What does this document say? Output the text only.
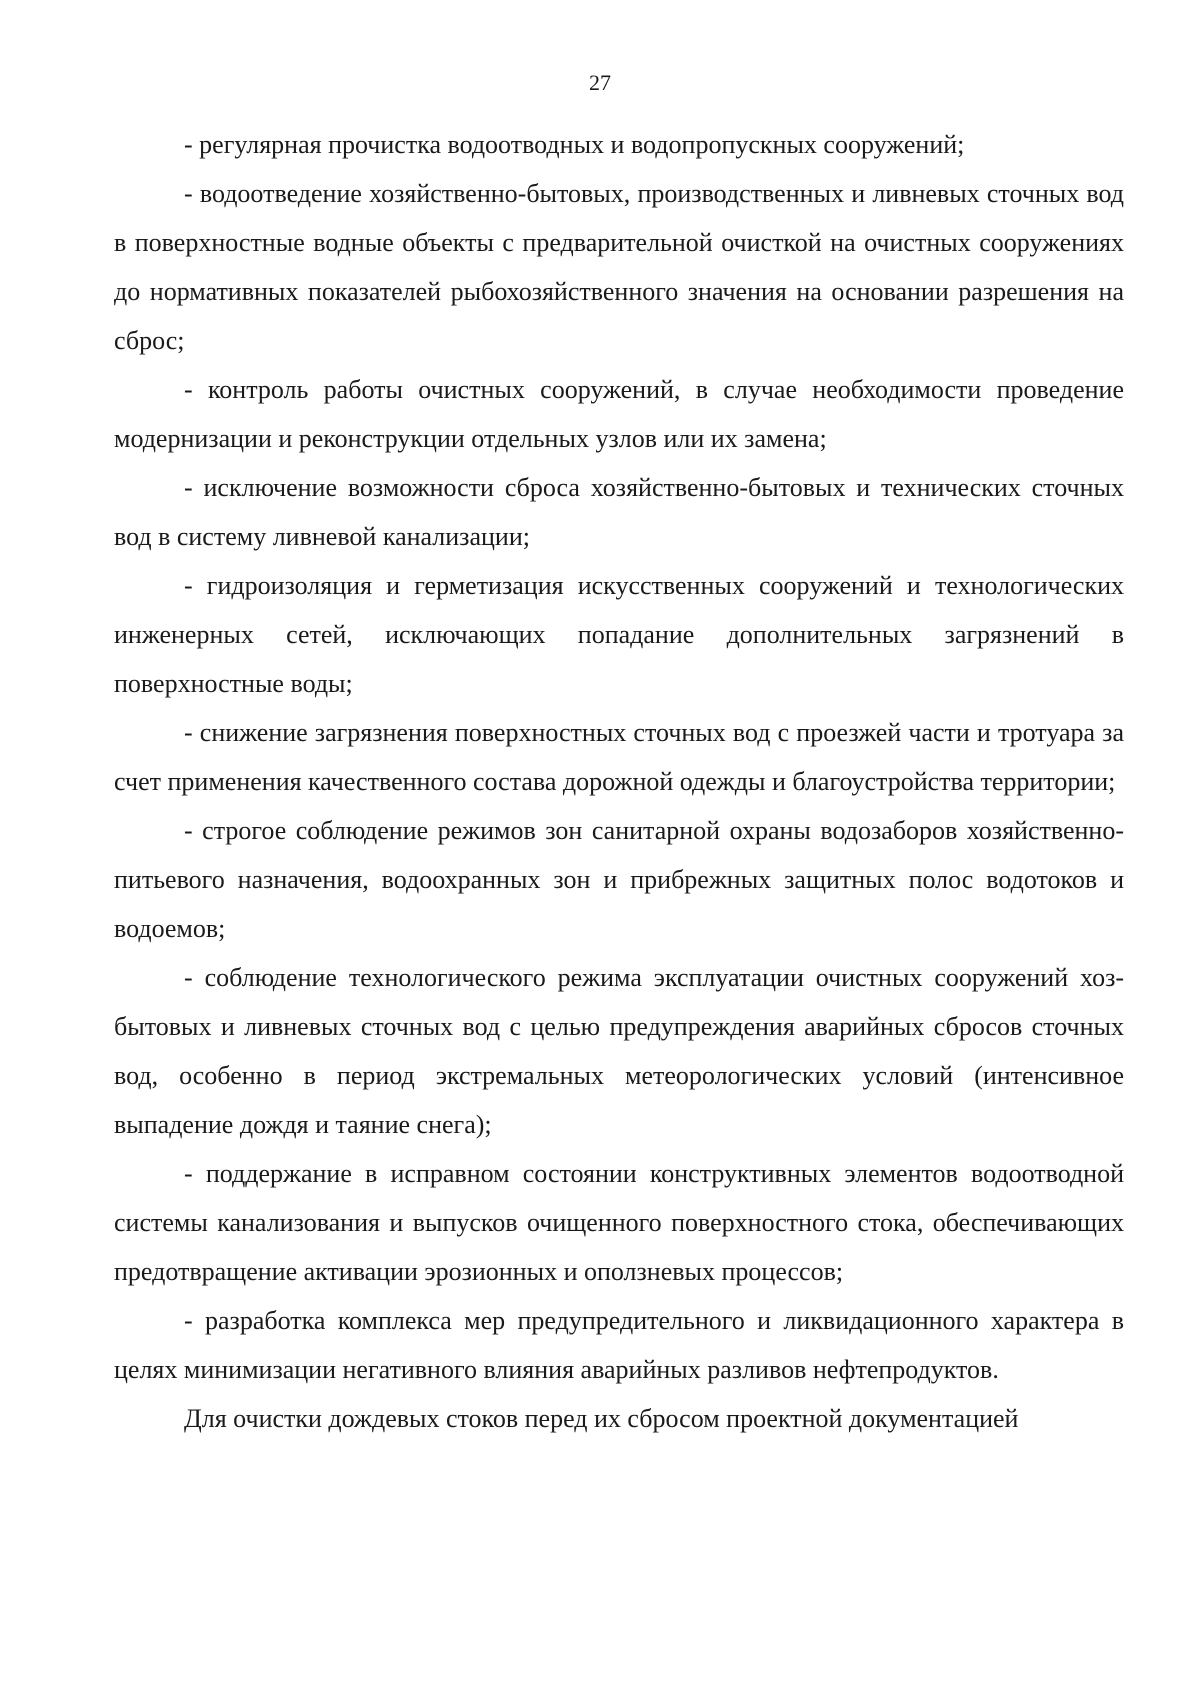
27

- регулярная прочистка водоотводных и водопропускных сооружений;

- водоотведение хозяйственно-бытовых, производственных и ливневых сточных вод в поверхностные водные объекты с предварительной очисткой на очистных сооружениях до нормативных показателей рыбохозяйственного значения на основании разрешения на сброс;

- контроль работы очистных сооружений, в случае необходимости проведение модернизации и реконструкции отдельных узлов или их замена;

- исключение возможности сброса хозяйственно-бытовых и технических сточных вод в систему ливневой канализации;

- гидроизоляция и герметизация искусственных сооружений и технологических инженерных сетей, исключающих попадание дополнительных загрязнений в поверхностные воды;

- снижение загрязнения поверхностных сточных вод с проезжей части и тротуара за счет применения качественного состава дорожной одежды и благоустройства территории;

- строгое соблюдение режимов зон санитарной охраны водозаборов хозяйственно-питьевого назначения, водоохранных зон и прибрежных защитных полос водотоков и водоемов;

- соблюдение технологического режима эксплуатации очистных сооружений хоз-бытовых и ливневых сточных вод с целью предупреждения аварийных сбросов сточных вод, особенно в период экстремальных метеорологических условий (интенсивное выпадение дождя и таяние снега);

- поддержание в исправном состоянии конструктивных элементов водоотводной системы канализования и выпусков очищенного поверхностного стока, обеспечивающих предотвращение активации эрозионных и оползневых процессов;

- разработка комплекса мер предупредительного и ликвидационного характера в целях минимизации негативного влияния аварийных разливов нефтепродуктов.

Для очистки дождевых стоков перед их сбросом проектной документацией
